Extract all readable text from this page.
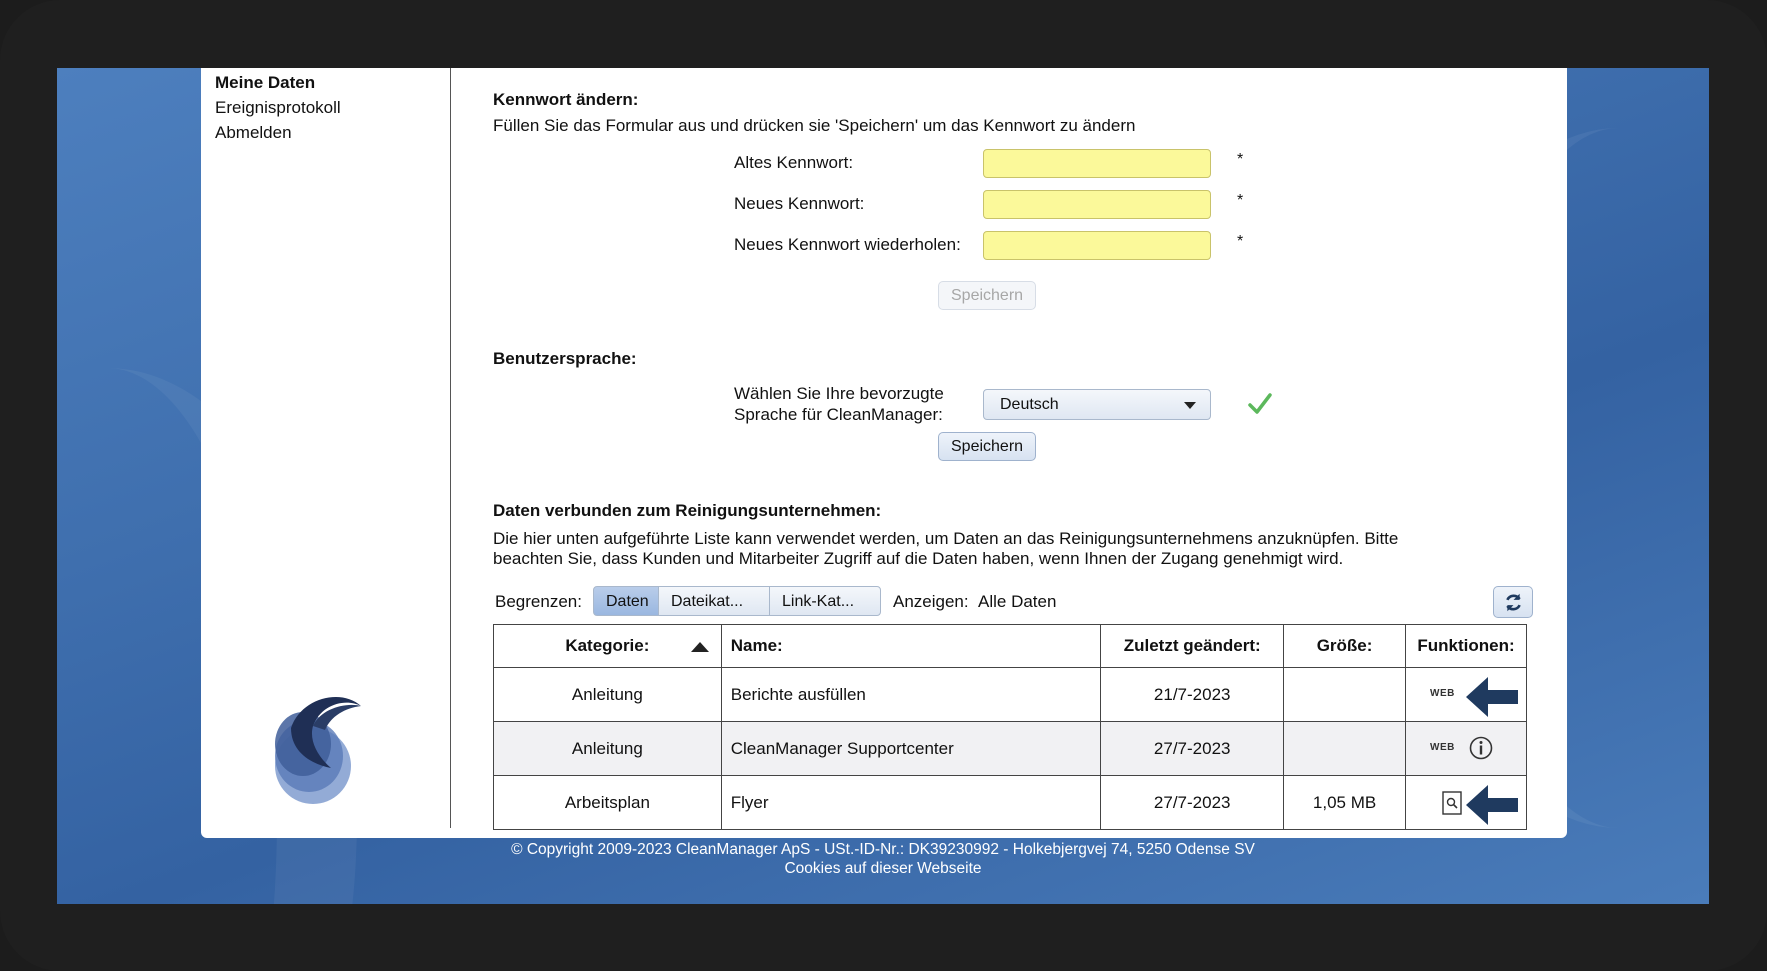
Meine Daten
Ereignisprotokoll
Abmelden
Kennwort ändern:
Füllen Sie das Formular aus und drücken sie 'Speichern' um das Kennwort zu ändern
Altes Kennwort:	*
Neues Kennwort:	*
Neues Kennwort wiederholen:	*
Speichern
Benutzersprache:
Wählen Sie Ihre bevorzugte
Sprache für CleanManager:
Deutsch
Speichern
Daten verbunden zum Reinigungsunternehmen:
Die hier unten aufgeführte Liste kann verwendet werden, um Daten an das Reinigungsunternehmens anzuknüpfen. Bitte
beachten Sie, dass Kunden und Mitarbeiter Zugriff auf die Daten haben, wenn Ihnen der Zugang genehmigt wird.
Begrenzen:	Daten	Dateikat...	Link-Kat...	Anzeigen: Alle Daten
Kategorie:	Name:	Zuletzt geändert:	Größe:	Funktionen:
Anleitung	Berichte ausfüllen	21/7-2023		WEB

Anleitung	CleanManager Supportcenter	27/7-2023		WEB

Arbeitsplan	Flyer	27/7-2023	1,05 MB	
© Copyright 2009-2023 CleanManager ApS - USt.-ID-Nr.: DK39230992 - Holkebjergvej 74, 5250 Odense SV
Cookies auf dieser Webseite
